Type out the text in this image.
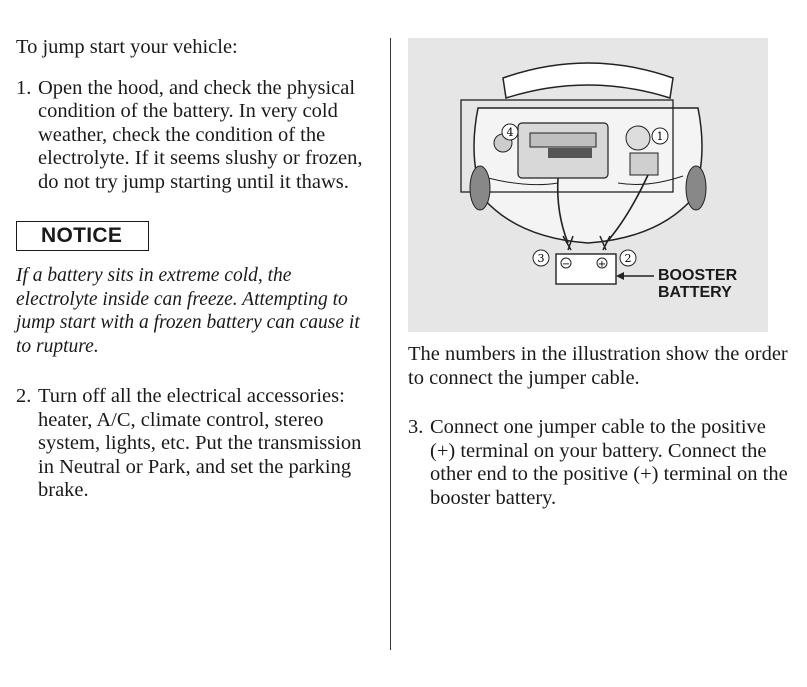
To jump start your vehicle:

1. Open the hood, and check the physical condition of the battery. In very cold weather, check the condition of the electrolyte. If it seems slushy or frozen, do not try jump starting until it thaws.

NOTICE

If a battery sits in extreme cold, the electrolyte inside can freeze. Attempting to jump start with a frozen battery can cause it to rupture.

2. Turn off all the electrical accessories: heater, A/C, climate control, stereo system, lights, etc. Put the transmission in Neutral or Park, and set the parking brake.

−	+
1
2
3
4
BOOSTER
BATTERY

The numbers in the illustration show the order to connect the jumper cable.

3. Connect one jumper cable to the positive (+) terminal on your battery. Connect the other end to the positive (+) terminal on the booster battery.
